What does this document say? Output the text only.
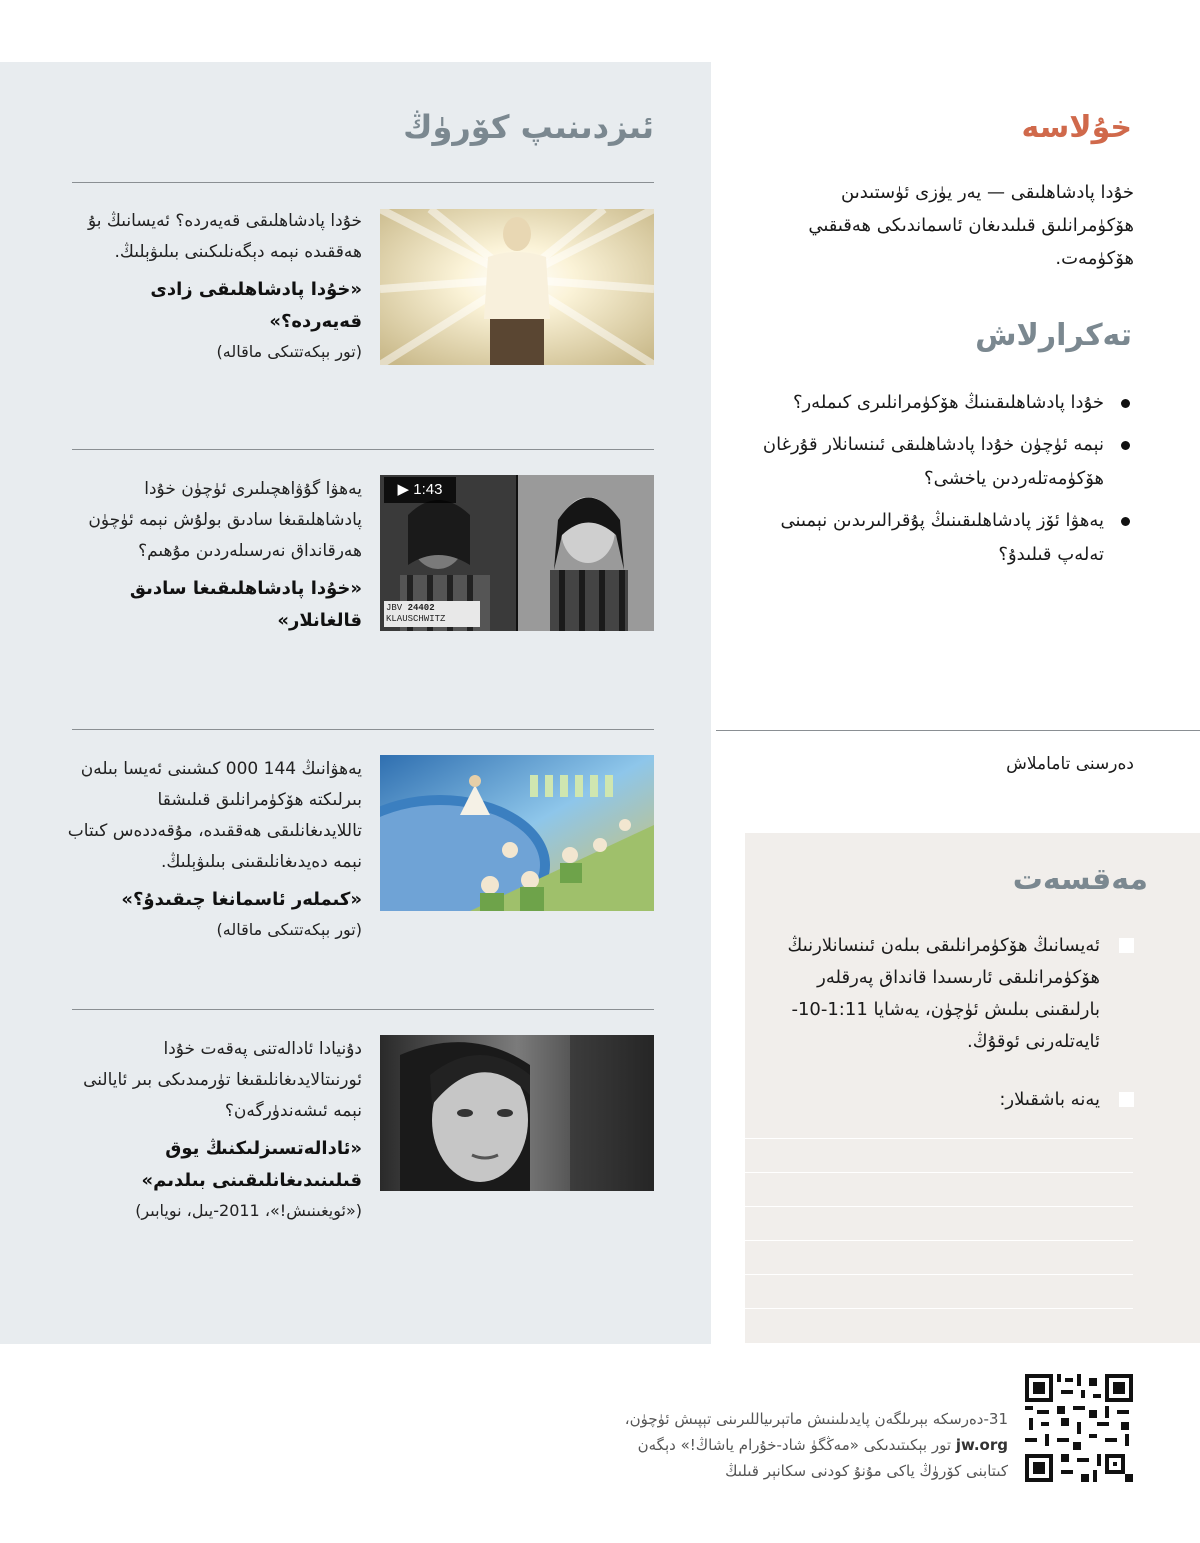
ئىزدىنىپ كۆرۈڭ

خۇدا پادشاھلىقى قەيەردە؟ ئەيسانىڭ بۇ ھەققىدە نېمە دېگەنلىكىنى بىلىۋېلىڭ.

«خۇدا پادشاھلىقى زادى قەيەردە؟»

(تور بېكەتتىكى ماقالە)

▶ 1:43
JBV 24402
KLAUSCHWITZ

يەھۋا گۇۋاھچىلىرى ئۈچۈن خۇدا پادشاھلىقىغا سادىق بولۇش نېمە ئۈچۈن ھەرقانداق نەرسىلەردىن مۇھىم؟

«خۇدا پادشاھلىقىغا سادىق قالغانلار»

يەھۋانىڭ 144 000 كىشىنى ئەيسا بىلەن بىرلىكتە ھۆكۈمرانلىق قىلىشقا تاللايدىغانلىقى ھەققىدە، مۇقەددەس كىتاب نېمە دەيدىغانلىقىنى بىلىۋېلىڭ.

«كىملەر ئاسمانغا چىقىدۇ؟»

(تور بېكەتتىكى ماقالە)

دۇنيادا ئادالەتنى پەقەت خۇدا ئورنىتالايدىغانلىقىغا تۈرمىدىكى بىر ئايالنى نېمە ئىشەندۈرگەن؟

«ئادالەتسىزلىكنىڭ يوق قىلىنىدىغانلىقىنى بىلدىم»

(«ئويغىنىش!»، 2011-يىل، نويابىر)

خۇلاسە

خۇدا پادشاھلىقى — يەر يۈزى ئۈستىدىن ھۆكۈمرانلىق قىلىدىغان ئاسماندىكى ھەقىقىي ھۆكۈمەت.

تەكرارلاش
خۇدا پادشاھلىقىنىڭ ھۆكۈمرانلىرى كىملەر؟
نېمە ئۈچۈن خۇدا پادشاھلىقى ئىنسانلار قۇرغان ھۆكۈمەتلەردىن ياخشى؟
يەھۋا ئۆز پادشاھلىقىنىڭ پۇقرالىرىدىن نېمىنى تەلەپ قىلىدۇ؟

دەرسنى تاماملاش

مەقسەت

ئەيسانىڭ ھۆكۈمرانلىقى بىلەن ئىنسانلارنىڭ ھۆكۈمرانلىقى ئارىسىدا قانداق پەرقلەر بارلىقىنى بىلىش ئۈچۈن، يەشايا 1:11-10-ئايەتلەرنى ئوقۇڭ.

يەنە باشقىلار:

31-دەرسكە بېرىلگەن پايدىلىنىش ماتېرىياللىرىنى تېپىش ئۈچۈن،
jw.org تور بېكىتىدىكى «مەڭگۈ شاد-خۇرام ياشاڭ!» دېگەن
كىتابنى كۆرۈڭ ياكى مۇنۇ كودنى سكانېر قىلىڭ
